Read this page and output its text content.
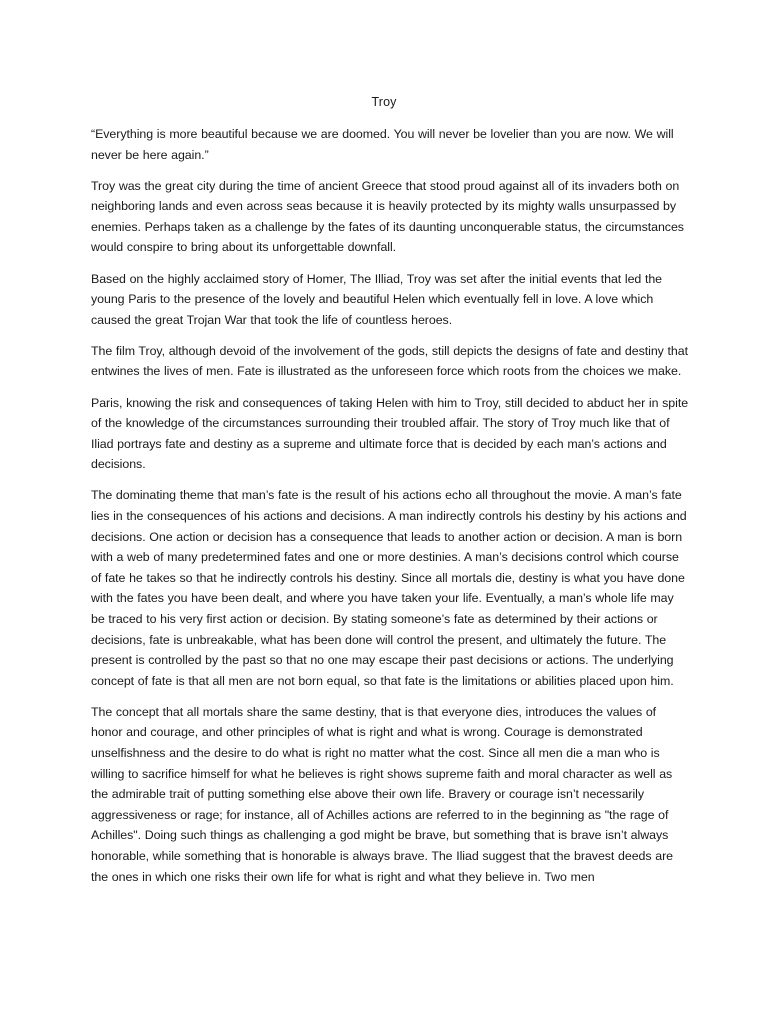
Troy

“Everything is more beautiful because we are doomed. You will never be lovelier than you are now. We will never be here again.”

Troy was the great city during the time of ancient Greece that stood proud against all of its invaders both on neighboring lands and even across seas because it is heavily protected by its mighty walls unsurpassed by enemies. Perhaps taken as a challenge by the fates of its daunting unconquerable status, the circumstances would conspire to bring about its unforgettable downfall.

Based on the highly acclaimed story of Homer, The Illiad, Troy was set after the initial events that led the young Paris to the presence of the lovely and beautiful Helen which eventually fell in love. A love which caused the great Trojan War that took the life of countless heroes.

The film Troy, although devoid of the involvement of the gods, still depicts the designs of fate and destiny that entwines the lives of men. Fate is illustrated as the unforeseen force which roots from the choices we make.

Paris, knowing the risk and consequences of taking Helen with him to Troy, still decided to abduct her in spite of the knowledge of the circumstances surrounding their troubled affair. The story of Troy much like that of Iliad portrays fate and destiny as a supreme and ultimate force that is decided by each man’s actions and decisions.

The dominating theme that man’s fate is the result of his actions echo all throughout the movie. A man’s fate lies in the consequences of his actions and decisions. A man indirectly controls his destiny by his actions and decisions. One action or decision has a consequence that leads to another action or decision. A man is born with a web of many predetermined fates and one or more destinies. A man’s decisions control which course of fate he takes so that he indirectly controls his destiny. Since all mortals die, destiny is what you have done with the fates you have been dealt, and where you have taken your life. Eventually, a man’s whole life may be traced to his very first action or decision. By stating someone’s fate as determined by their actions or decisions, fate is unbreakable, what has been done will control the present, and ultimately the future. The present is controlled by the past so that no one may escape their past decisions or actions. The underlying concept of fate is that all men are not born equal, so that fate is the limitations or abilities placed upon him.

The concept that all mortals share the same destiny, that is that everyone dies, introduces the values of honor and courage, and other principles of what is right and what is wrong. Courage is demonstrated unselfishness and the desire to do what is right no matter what the cost. Since all men die a man who is willing to sacrifice himself for what he believes is right shows supreme faith and moral character as well as the admirable trait of putting something else above their own life. Bravery or courage isn’t necessarily aggressiveness or rage; for instance, all of Achilles actions are referred to in the beginning as "the rage of Achilles". Doing such things as challenging a god might be brave, but something that is brave isn’t always honorable, while something that is honorable is always brave. The Iliad suggest that the bravest deeds are the ones in which one risks their own life for what is right and what they believe in. Two men
